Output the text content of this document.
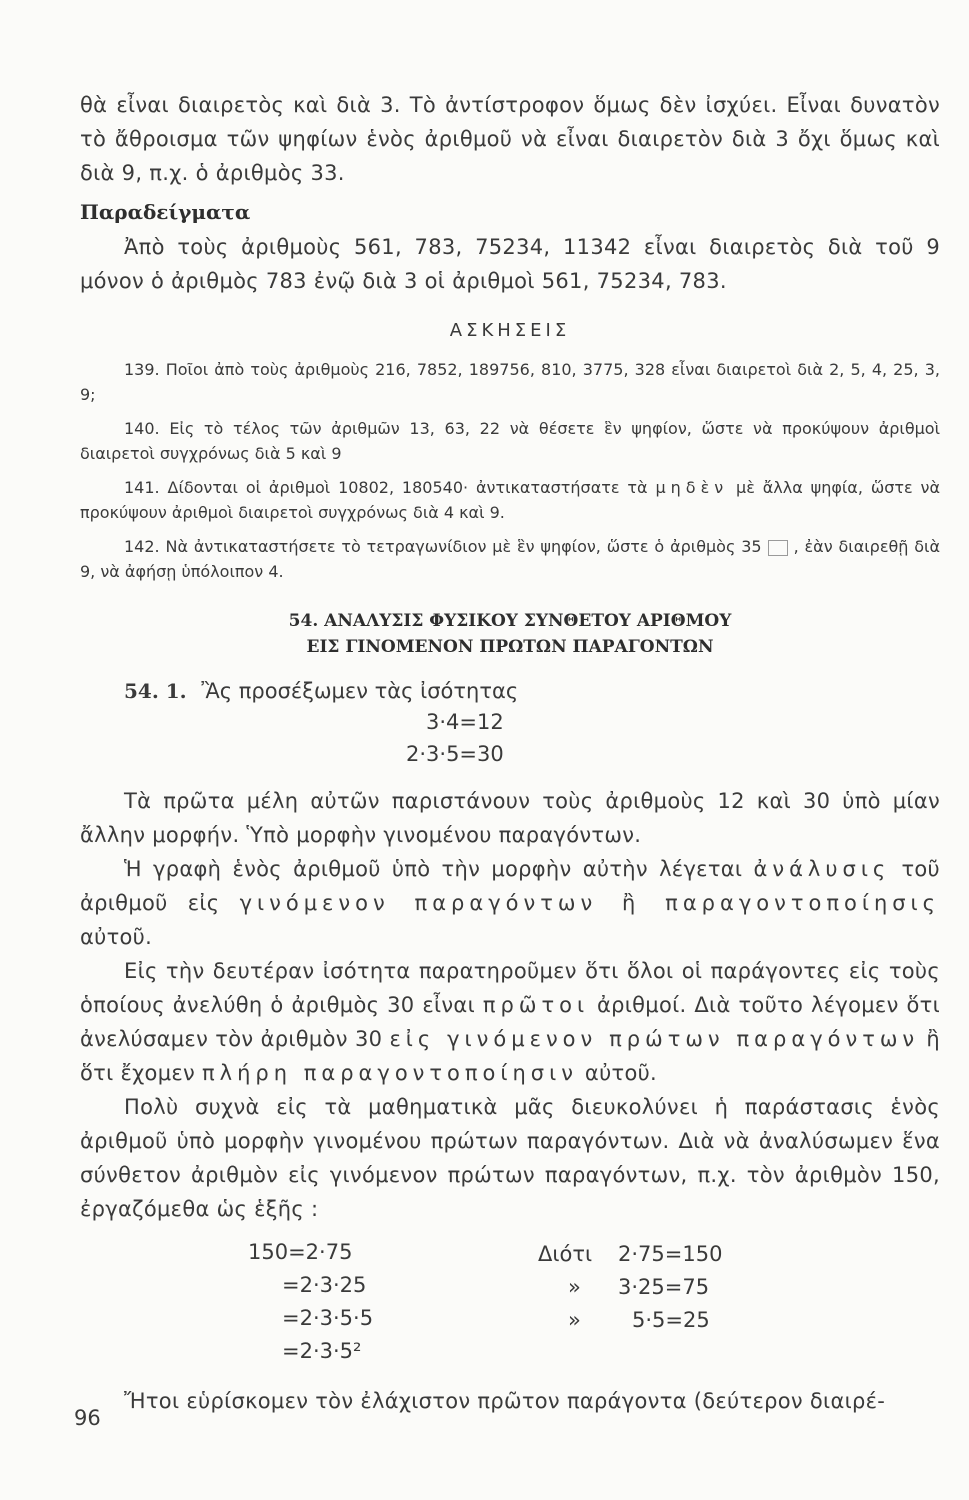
θὰ εἶναι διαιρετὸς καὶ διὰ 3. Τὸ ἀντίστροφον ὅμως δὲν ἰσχύει. Εἶναι δυνατὸν τὸ ἄθροισμα τῶν ψηφίων ἑνὸς ἀριθμοῦ νὰ εἶναι διαιρετὸν διὰ 3 ὄχι ὅμως καὶ διὰ 9, π.χ. ὁ ἀριθμὸς 33.

Παραδείγματα

Ἀπὸ τοὺς ἀριθμοὺς 561, 783, 75234, 11342 εἶναι διαιρετὸς διὰ τοῦ 9 μόνον ὁ ἀριθμὸς 783 ἐνῷ διὰ 3 οἱ ἀριθμοὶ 561, 75234, 783.

ΑΣΚΗΣΕΙΣ

139. Ποῖοι ἀπὸ τοὺς ἀριθμοὺς 216, 7852, 189756, 810, 3775, 328 εἶναι διαιρετοὶ διὰ 2, 5, 4, 25, 3, 9;

140. Εἰς τὸ τέλος τῶν ἀριθμῶν 13, 63, 22 νὰ θέσετε ἓν ψηφίον, ὥστε νὰ προκύψουν ἀριθμοὶ διαιρετοὶ συγχρόνως διὰ 5 καὶ 9

141. Δίδονται οἱ ἀριθμοὶ 10802, 180540· ἀντικαταστήσατε τὰ μηδὲν μὲ ἄλλα ψηφία, ὥστε νὰ προκύψουν ἀριθμοὶ διαιρετοὶ συγχρόνως διὰ 4 καὶ 9.

142. Νὰ ἀντικαταστήσετε τὸ τετραγωνίδιον μὲ ἓν ψηφίον, ὥστε ὁ ἀριθμὸς 35 , ἐὰν διαιρεθῇ διὰ 9, νὰ ἀφήσῃ ὑπόλοιπον 4.

54. ΑΝΑΛΥΣΙΣ ΦΥΣΙΚΟΥ ΣΥΝΘΕΤΟΥ ΑΡΙΘΜΟΥ
ΕΙΣ ΓΙΝΟΜΕΝΟΝ ΠΡΩΤΩΝ ΠΑΡΑΓΟΝΤΩΝ
54. 1. Ἂς προσέξωμεν τὰς ἰσότητας
3·4=12
2·3·5=30

Τὰ πρῶτα μέλη αὐτῶν παριστάνουν τοὺς ἀριθμοὺς 12 καὶ 30 ὑπὸ μίαν ἄλλην μορφήν. Ὑπὸ μορφὴν γινομένου παραγόντων.

Ἡ γραφὴ ἑνὸς ἀριθμοῦ ὑπὸ τὴν μορφὴν αὐτὴν λέγεται ἀνάλυσις τοῦ ἀριθμοῦ εἰς γινόμενον παραγόντων ἢ παραγοντοποίησις αὐτοῦ.

Εἰς τὴν δευτέραν ἰσότητα παρατηροῦμεν ὅτι ὅλοι οἱ παράγοντες εἰς τοὺς ὁποίους ἀνελύθη ὁ ἀριθμὸς 30 εἶναι πρῶτοι ἀριθμοί. Διὰ τοῦτο λέγομεν ὅτι ἀνελύσαμεν τὸν ἀριθμὸν 30 εἰς γινόμενον πρώτων παραγόντων ἢ ὅτι ἔχομεν πλήρη παραγοντοποίησιν αὐτοῦ.

Πολὺ συχνὰ εἰς τὰ μαθηματικὰ μᾶς διευκολύνει ἡ παράστασις ἑνὸς ἀριθμοῦ ὑπὸ μορφὴν γινομένου πρώτων παραγόντων. Διὰ νὰ ἀναλύσωμεν ἕνα σύνθετον ἀριθμὸν εἰς γινόμενον πρώτων παραγόντων, π.χ. τὸν ἀριθμὸν 150, ἐργαζόμεθα ὡς ἑξῆς :

150=2·75
=2·3·25
=2·3·5·5
=2·3·5²
Διότι 2·75=150
» 3·25=75
» 5·5=25

Ἤτοι εὑρίσκομεν τὸν ἐλάχιστον πρῶτον παράγοντα (δεύτερον διαιρέ-

96
